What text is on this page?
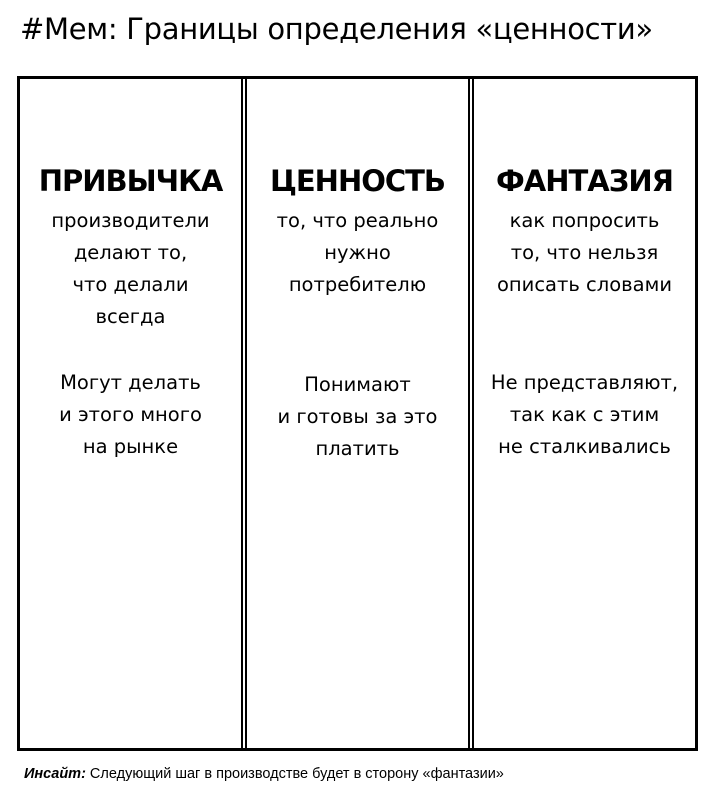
#Мем: Границы определения «ценности»
ПРИВЫЧКА
производители
делают то,
что делали
всегда
Могут делать
и этого много
на рынке
ЦЕННОСТЬ
то, что реально
нужно
потребителю
Понимают
и готовы за это
платить
ФАНТАЗИЯ
как попросить
то, что нельзя
описать словами
Не представляют,
так как с этим
не сталкивались
Инсайт: Следующий шаг в производстве будет в сторону «фантазии»
